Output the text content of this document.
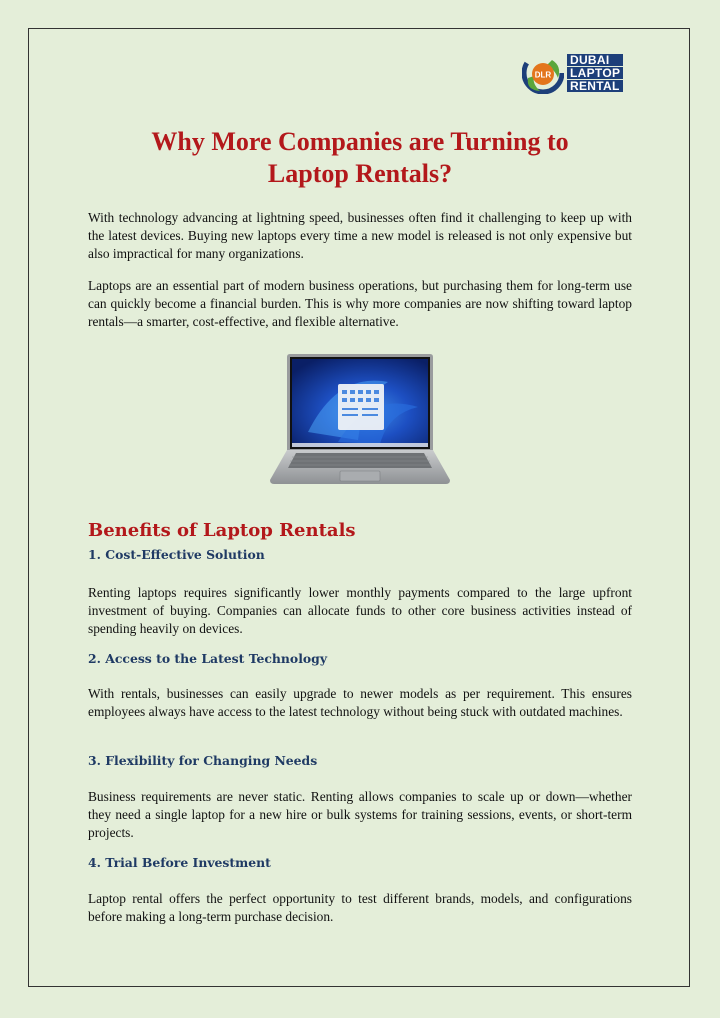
DLR
DUBAI
LAPTOP
RENTAL
Why More Companies are Turning to
Laptop Rentals?

With technology advancing at lightning speed, businesses often find it challenging to keep up with the latest devices. Buying new laptops every time a new model is released is not only expensive but also impractical for many organizations.

Laptops are an essential part of modern business operations, but purchasing them for long-term use can quickly become a financial burden. This is why more companies are now shifting toward laptop rentals—a smarter, cost-effective, and flexible alternative.

Benefits of Laptop Rentals
1. Cost-Effective Solution

Renting laptops requires significantly lower monthly payments compared to the large upfront investment of buying. Companies can allocate funds to other core business activities instead of spending heavily on devices.

2. Access to the Latest Technology

With rentals, businesses can easily upgrade to newer models as per requirement. This ensures employees always have access to the latest technology without being stuck with outdated machines.

3. Flexibility for Changing Needs

Business requirements are never static. Renting allows companies to scale up or down—whether they need a single laptop for a new hire or bulk systems for training sessions, events, or short-term projects.

4. Trial Before Investment

Laptop rental offers the perfect opportunity to test different brands, models, and configurations before making a long-term purchase decision.
